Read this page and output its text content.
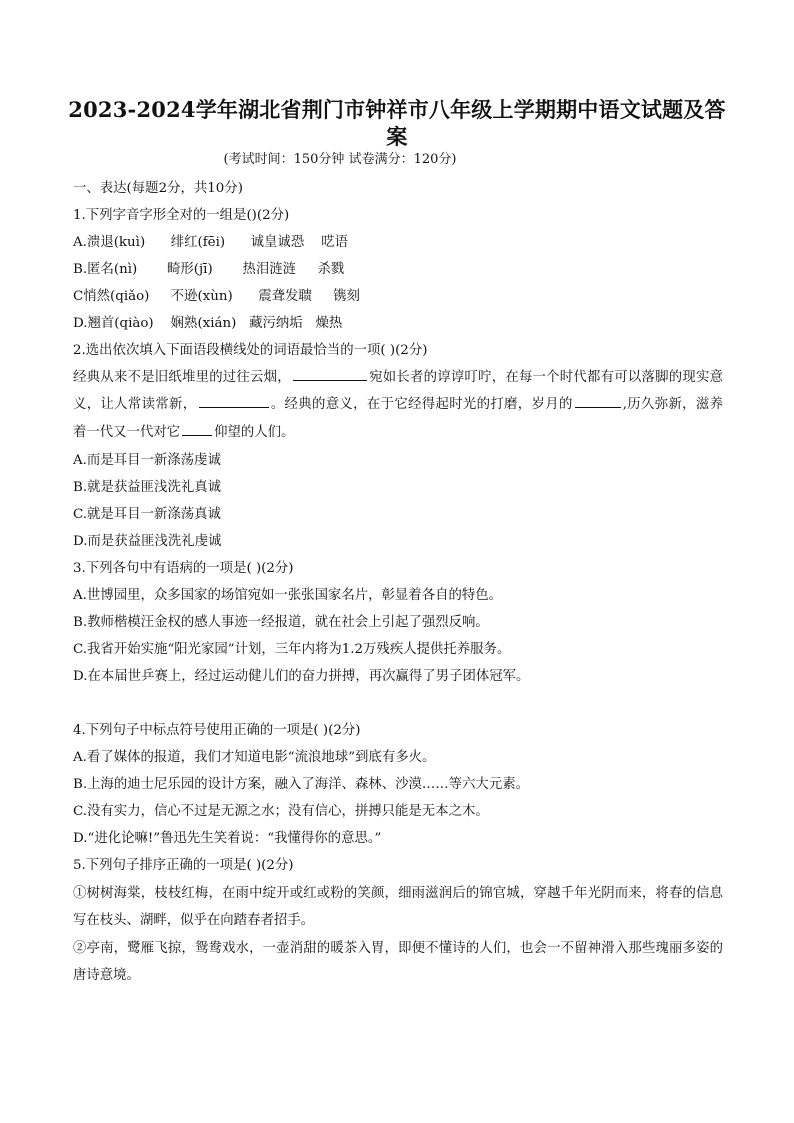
2023-2024学年湖北省荆门市钟祥市八年级上学期期中语文试题及答案

(考试时间：150分钟 试卷满分：120分)

一、表达(每题2分，共10分)

1.下列字音字形全对的一组是()(2分)

A.溃退(kuì)      绯红(fēi)      诚皇诚恐    呓语

B.匿名(nì)       畸形(jī)       热泪涟涟     杀戮

C悄然(qiǎo)     不逊(xùn)      震聋发聩     镌刻

D.翘首(qiào)    娴熟(xián)   藏污纳垢   燥热

2.选出依次填入下面语段横线处的词语最恰当的一项( )(2分)

经典从来不是旧纸堆里的过往云烟，	宛如长者的谆谆叮咛，在每一个时代都有可以落脚的现实意义，让人常读常新，	。经典的意义，在于它经得起时光的打磨，岁月的	,历久弥新，滋养着一代又一代对它	仰望的人们。

A.而是耳目一新涤荡虔诚

B.就是获益匪浅洗礼真诚

C.就是耳目一新涤荡真诚

D.而是获益匪浅洗礼虔诚

3.下列各句中有语病的一项是( )(2分)

A.世博园里，众多国家的场馆宛如一张张国家名片，彰显着各自的特色。

B.教师楷模汪金权的感人事迹一经报道，就在社会上引起了强烈反响。

C.我省开始实施“阳光家园”计划，三年内将为1.2万残疾人提供托养服务。

D.在本届世乒赛上，经过运动健儿们的奋力拼搏，再次赢得了男子团体冠军。

4.下列句子中标点符号使用正确的一项是( )(2分)

A.看了媒体的报道，我们才知道电影“流浪地球”到底有多火。

B.上海的迪士尼乐园的设计方案，融入了海洋、森林、沙漠……等六大元素。

C.没有实力，信心不过是无源之水；没有信心，拼搏只能是无本之木。

D.“进化论嘛!”鲁迅先生笑着说：“我懂得你的意思。”

5.下列句子排序正确的一项是( )(2分)

①树树海棠，枝枝红梅，在雨中绽开或红或粉的笑颜，细雨滋润后的锦官城，穿越千年光阴而来，将春的信息写在枝头、湖畔，似乎在向踏春者招手。

②亭南，鹭雁飞掠，鸳鸯戏水，一壶消甜的暖茶入胃，即便不懂诗的人们，也会一不留神滑入那些瑰丽多姿的唐诗意境。
